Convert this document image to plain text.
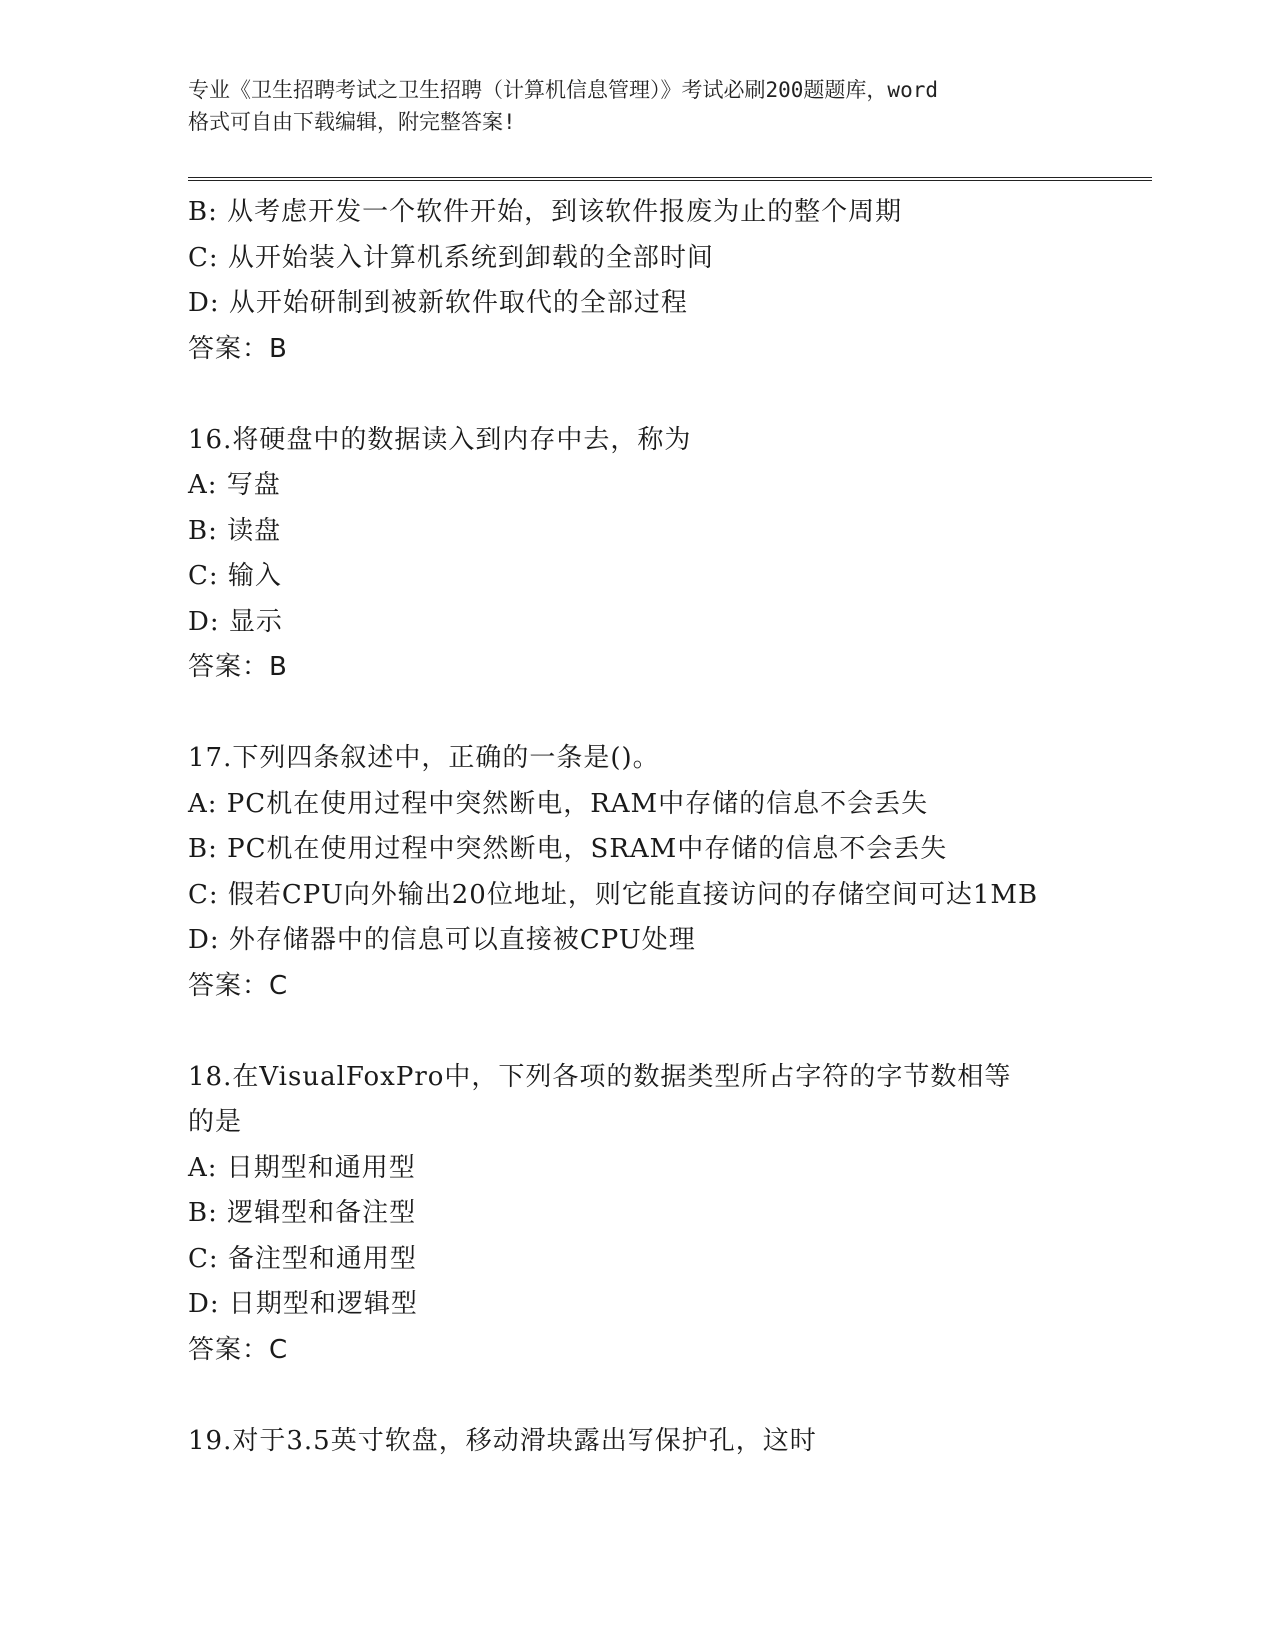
专业《卫生招聘考试之卫生招聘（计算机信息管理）》考试必刷200题题库，word
格式可自由下载编辑，附完整答案!
B: 从考虑开发一个软件开始，到该软件报废为止的整个周期
C: 从开始装入计算机系统到卸载的全部时间
D: 从开始研制到被新软件取代的全部过程
答案：B
16.将硬盘中的数据读入到内存中去，称为
A: 写盘
B: 读盘
C: 输入
D: 显示
答案：B
17.下列四条叙述中，正确的一条是()。
A: PC机在使用过程中突然断电，RAM中存储的信息不会丢失
B: PC机在使用过程中突然断电，SRAM中存储的信息不会丢失
C: 假若CPU向外输出20位地址，则它能直接访问的存储空间可达1MB
D: 外存储器中的信息可以直接被CPU处理
答案：C
18.在VisualFoxPro中，下列各项的数据类型所占字符的字节数相等
的是
A: 日期型和通用型
B: 逻辑型和备注型
C: 备注型和通用型
D: 日期型和逻辑型
答案：C
19.对于3.5英寸软盘，移动滑块露出写保护孔，这时
